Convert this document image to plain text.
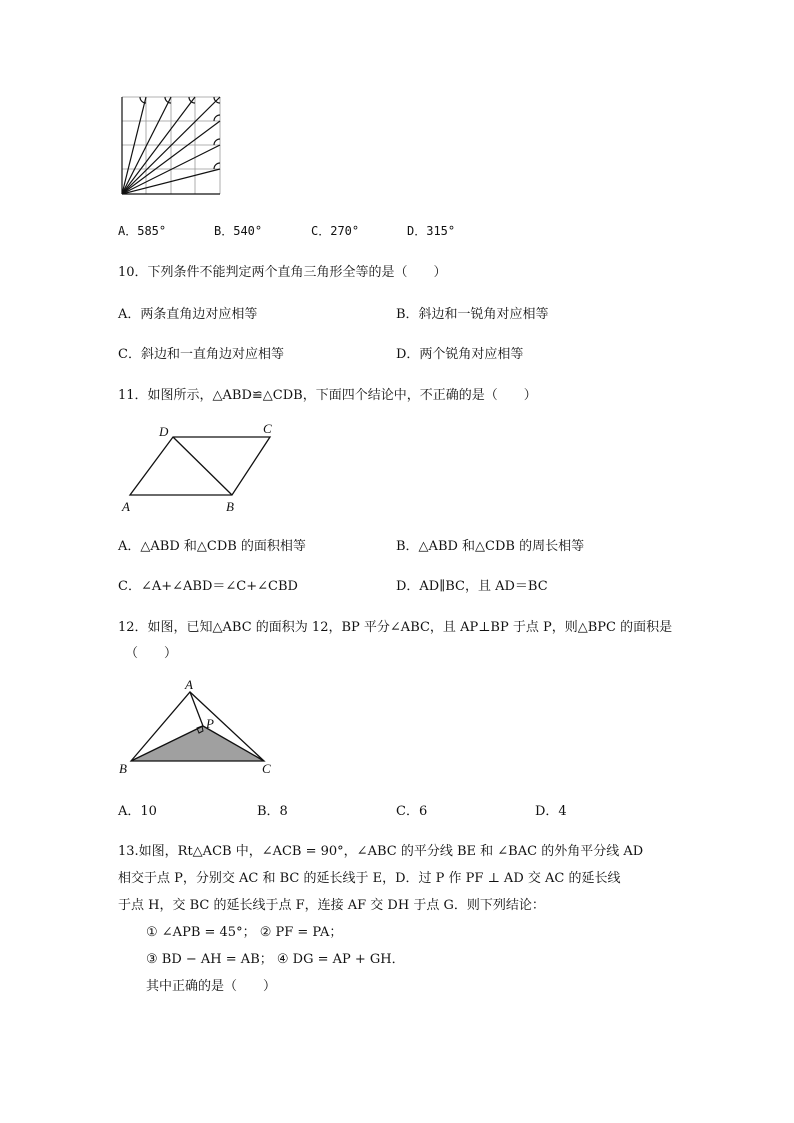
A．585°	B．540°	C．270°	D．315°
10．下列条件不能判定两个直角三角形全等的是（　　）
A．两条直角边对应相等	B．斜边和一锐角对应相等
C．斜边和一直角边对应相等	D．两个锐角对应相等
11．如图所示，△ABD≌△CDB，下面四个结论中，不正确的是（　　）
A	B
C
D
A．△ABD 和△CDB 的面积相等	B．△ABD 和△CDB 的周长相等
C．∠A+∠ABD＝∠C+∠CBD	D．AD∥BC，且 AD＝BC
12．如图，已知△ABC 的面积为 12，BP 平分∠ABC，且 AP⊥BP 于点 P，则△BPC 的面积是
（　　）
A
B	C
P
A．10	B．8	C．6	D．4
13.如图，Rt△ACB 中，∠ACB = 90°，∠ABC 的平分线 BE 和 ∠BAC 的外角平分线 AD
相交于点 P，分别交 AC 和 BC 的延长线于 E，D．过 P 作 PF ⊥ AD 交 AC 的延长线
于点 H，交 BC 的延长线于点 F，连接 AF 交 DH 于点 G．则下列结论：
① ∠APB = 45°； ② PF = PA；
③ BD − AH = AB； ④ DG = AP + GH．
其中正确的是（　　）
